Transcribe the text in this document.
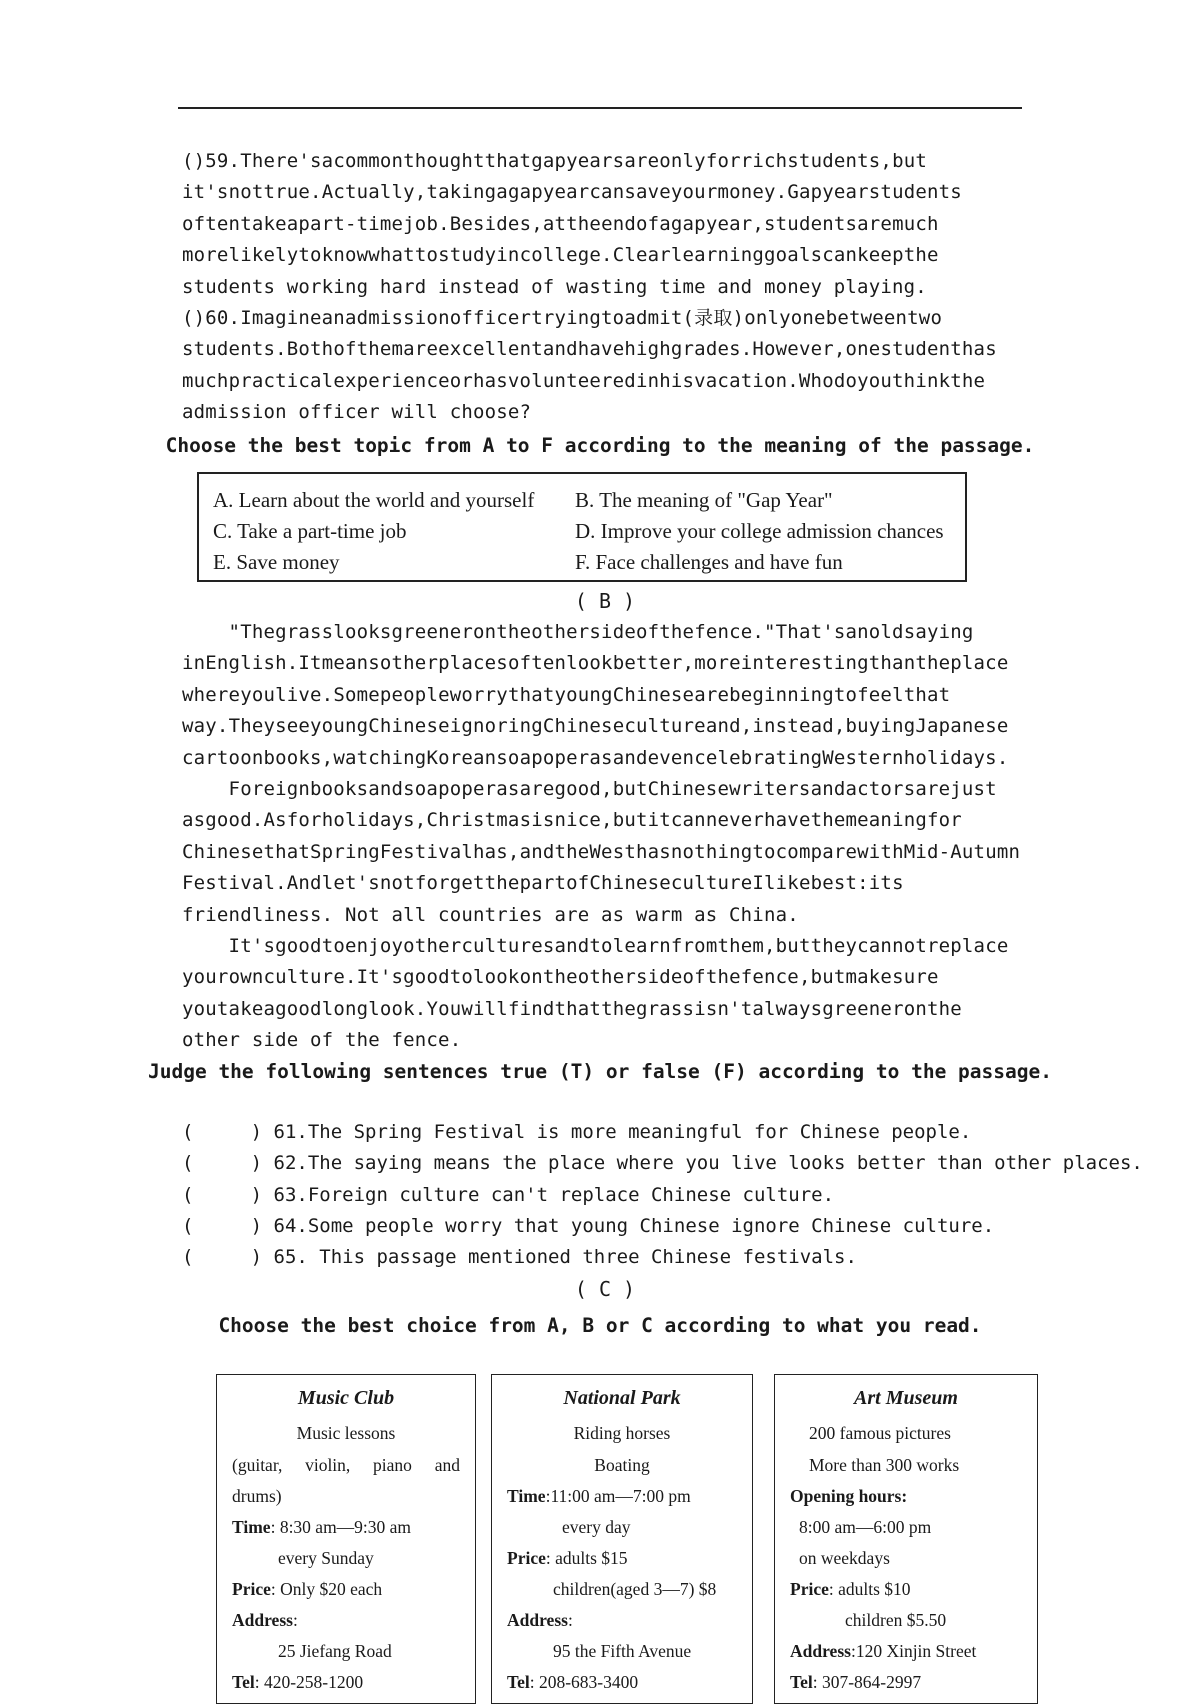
()59.There'sacommonthoughtthatgapyearsareonlyforrichstudents,but
it'snottrue.Actually,takingagapyearcansaveyourmoney.Gapyearstudents
oftentakeapart-timejob.Besides,attheendofagapyear,studentsaremuch
morelikelytoknowwhattostudyincollege.Clearlearninggoalscankeepthe
students working hard instead of wasting time and money playing.
()60.Imagineanadmissionofficertryingtoadmit(录取)onlyonebetweentwo
students.Bothofthemareexcellentandhavehighgrades.However,onestudenthas
muchpracticalexperienceorhasvolunteeredinhisvacation.Whodoyouthinkthe
admission officer will choose?
Choose the best topic from A to F according to the meaning of the passage.
A. Learn about the world and yourself B. The meaning of "Gap Year"
C. Take a part-time job	D. Improve your college admission chances
E. Save money	F. Face challenges and have fun
( B )
"Thegrasslooksgreenerontheothersideofthefence."That'sanoldsaying
inEnglish.Itmeansotherplacesoftenlookbetter,moreinterestingthantheplace
whereyoulive.SomepeopleworrythatyoungChinesearebeginningtofeelthat
way.TheyseeyoungChineseignoringChinesecultureand,instead,buyingJapanese
cartoonbooks,watchingKoreansoapoperasandevencelebratingWesternholidays.
Foreignbooksandsoapoperasaregood,butChinesewritersandactorsarejust
asgood.Asforholidays,Christmasisnice,butitcanneverhavethemeaningfor
ChinesethatSpringFestivalhas,andtheWesthasnothingtocomparewithMid-Autumn
Festival.Andlet'snotforgetthepartofChinesecultureIlikebest:its
friendliness. Not all countries are as warm as China.
It'sgoodtoenjoyotherculturesandtolearnfromthem,buttheycannotreplace
yourownculture.It'sgoodtolookontheothersideofthefence,butmakesure
youtakeagoodlonglook.Youwillfindthatthegrassisn'talwaysgreeneronthe
other side of the fence.
Judge the following sentences true (T) or false (F) according to the passage.
(     ) 61.The Spring Festival is more meaningful for Chinese people.
(     ) 62.The saying means the place where you live looks better than other places.
(     ) 63.Foreign culture can't replace Chinese culture.
(     ) 64.Some people worry that young Chinese ignore Chinese culture.
(     ) 65. This passage mentioned three Chinese festivals.
( C )
Choose the best choice from A, B or C according to what you read.
Music Club
Music lessons
(guitar, violin, piano and
drums)
Time: 8:30 am—9:30 am
every Sunday
Price: Only $20 each
Address:
25 Jiefang Road
Tel: 420-258-1200
National Park
Riding horses
Boating
Time:11:00 am—7:00 pm
every day
Price: adults $15
children(aged 3—7) $8
Address:
95 the Fifth Avenue
Tel: 208-683-3400
Art Museum
200 famous pictures
More than 300 works
Opening hours:
8:00 am—6:00 pm
on weekdays
Price: adults $10
children $5.50
Address:120 Xinjin Street
Tel: 307-864-2997
